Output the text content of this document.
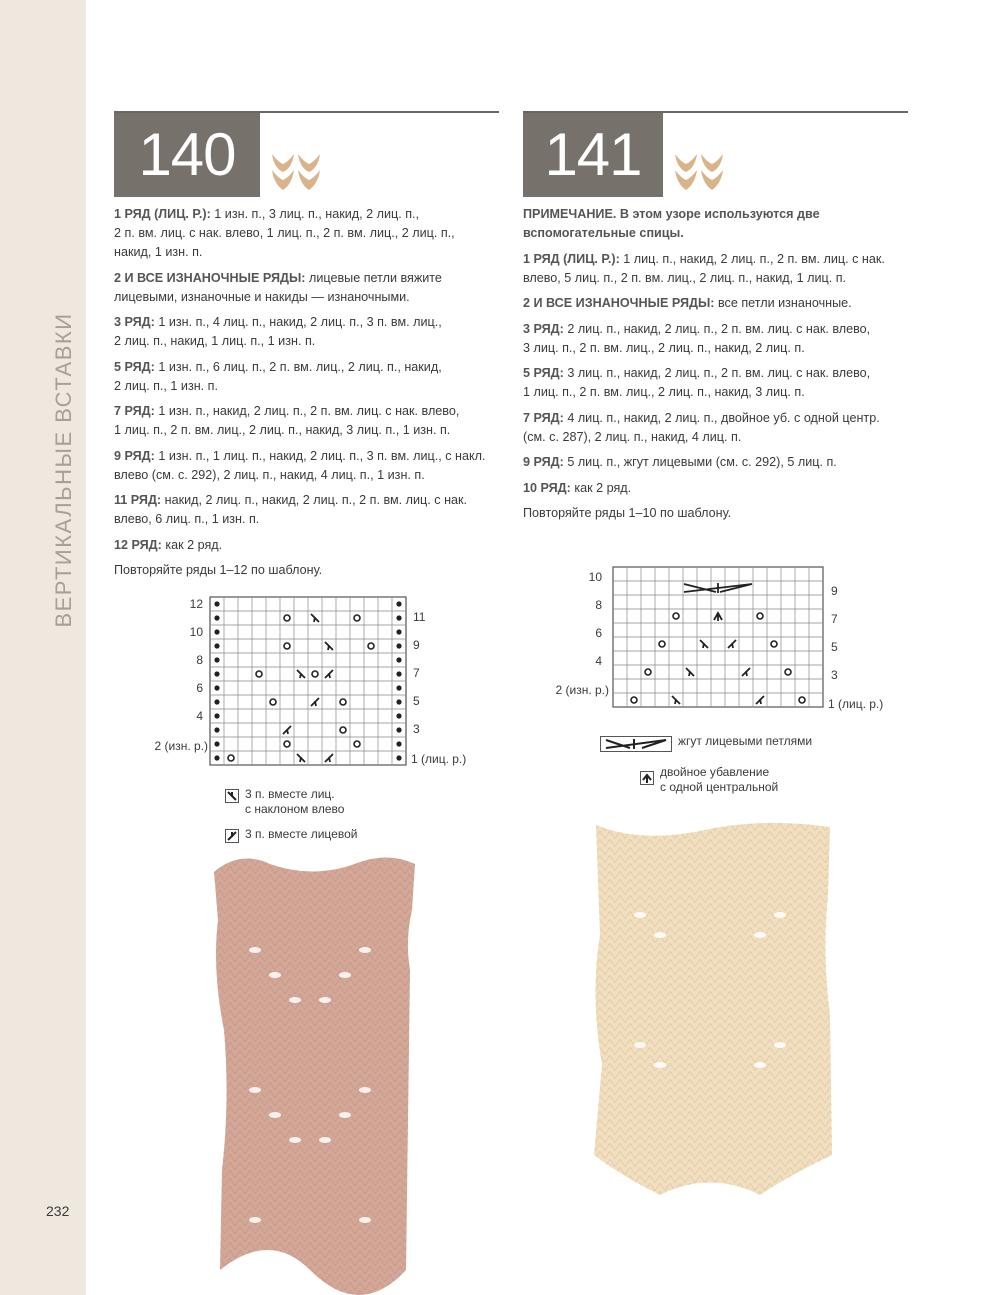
ВЕРТИКАЛЬНЫЕ ВСТАВКИ
232
140	141

1 РЯД (ЛИЦ. Р.): 1 изн. п., 3 лиц. п., накид, 2 лиц. п.,
2 п. вм. лиц. с нак. влево, 1 лиц. п., 2 п. вм. лиц., 2 лиц. п.,
накид, 1 изн. п.

2 И ВСЕ ИЗНАНОЧНЫЕ РЯДЫ: лицевые петли вяжите
лицевыми, изнаночные и накиды — изнаночными.

3 РЯД: 1 изн. п., 4 лиц. п., накид, 2 лиц. п., 3 п. вм. лиц.,
2 лиц. п., накид, 1 лиц. п., 1 изн. п.

5 РЯД: 1 изн. п., 6 лиц. п., 2 п. вм. лиц., 2 лиц. п., накид,
2 лиц. п., 1 изн. п.

7 РЯД: 1 изн. п., накид, 2 лиц. п., 2 п. вм. лиц. с нак. влево,
1 лиц. п., 2 п. вм. лиц., 2 лиц. п., накид, 3 лиц. п., 1 изн. п.

9 РЯД: 1 изн. п., 1 лиц. п., накид, 2 лиц. п., 3 п. вм. лиц., с накл.
влево (см. с. 292), 2 лиц. п., накид, 4 лиц. п., 1 изн. п.

11 РЯД: накид, 2 лиц. п., накид, 2 лиц. п., 2 п. вм. лиц. с нак.
влево, 6 лиц. п., 1 изн. п.

12 РЯД: как 2 ряд.

Повторяйте ряды 1–12 по шаблону.

ПРИМЕЧАНИЕ. В этом узоре используются две
вспомогательные спицы.

1 РЯД (ЛИЦ. Р.): 1 лиц. п., накид, 2 лиц. п., 2 п. вм. лиц. с нак.
влево, 5 лиц. п., 2 п. вм. лиц., 2 лиц. п., накид, 1 лиц. п.

2 И ВСЕ ИЗНАНОЧНЫЕ РЯДЫ: все петли изнаночные.

3 РЯД: 2 лиц. п., накид, 2 лиц. п., 2 п. вм. лиц. с нак. влево,
3 лиц. п., 2 п. вм. лиц., 2 лиц. п., накид, 2 лиц. п.

5 РЯД: 3 лиц. п., накид, 2 лиц. п., 2 п. вм. лиц. с нак. влево,
1 лиц. п., 2 п. вм. лиц., 2 лиц. п., накид, 3 лиц. п.

7 РЯД: 4 лиц. п., накид, 2 лиц. п., двойное уб. с одной центр.
(см. с. 287), 2 лиц. п., накид, 4 лиц. п.

9 РЯД: 5 лиц. п., жгут лицевыми (см. с. 292), 5 лиц. п.

10 РЯД: как 2 ряд.

Повторяйте ряды 1–10 по шаблону.

12
10
8
6
4
2 (изн. р.)
11
9
7
5
3
1 (лиц. р.)
3 п. вместе лиц.
с наклоном влево
3 п. вместе лицевой
10
8
6
4
2 (изн. р.)
9
7
5
3
1 (лиц. р.)
жгут лицевыми петлями
двойное убавление
с одной центральной
